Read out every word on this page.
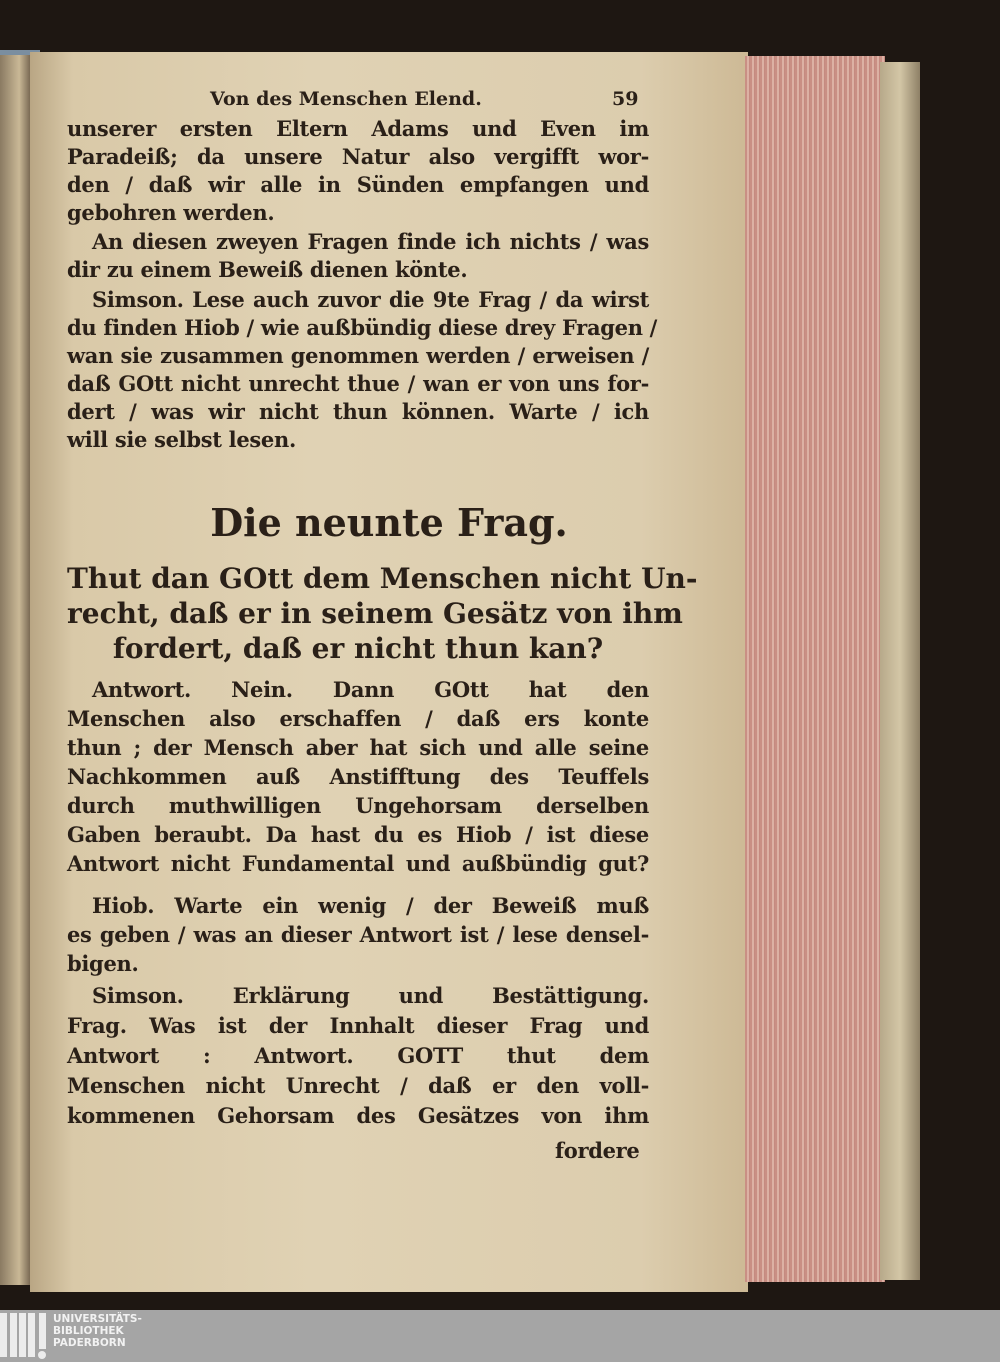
Von des Menschen Elend.	59
unserer ersten Eltern Adams und Even im
Paradeiß; da unsere Natur also vergifft wor-
den / daß wir alle in Sünden empfangen und
gebohren werden.
An diesen zweyen Fragen finde ich nichts / was
dir zu einem Beweiß dienen könte.
Simson. Lese auch zuvor die 9te Frag / da wirst
du finden Hiob / wie außbündig diese drey Fragen /
wan sie zusammen genommen werden / erweisen /
daß GOtt nicht unrecht thue / wan er von uns for-
dert / was wir nicht thun können. Warte / ich
will sie selbst lesen.
Die neunte Frag.
Thut dan GOtt dem Menschen nicht Un-
recht, daß er in seinem Gesätz von ihm
fordert, daß er nicht thun kan?
Antwort. Nein. Dann GOtt hat den
Menschen also erschaffen / daß ers konte
thun ; der Mensch aber hat sich und alle seine
Nachkommen auß Anstifftung des Teuffels
durch muthwilligen Ungehorsam derselben
Gaben beraubt. Da hast du es Hiob / ist diese
Antwort nicht Fundamental und außbündig gut?
Hiob. Warte ein wenig / der Beweiß muß
es geben / was an dieser Antwort ist / lese densel-
bigen.
Simson. Erklärung und Bestättigung.
Frag. Was ist der Innhalt dieser Frag und
Antwort : Antwort. GOTT thut dem
Menschen nicht Unrecht / daß er den voll-
kommenen Gehorsam des Gesätzes von ihm
fordere
UNIVERSITÄTS-
BIBLIOTHEK
PADERBORN
